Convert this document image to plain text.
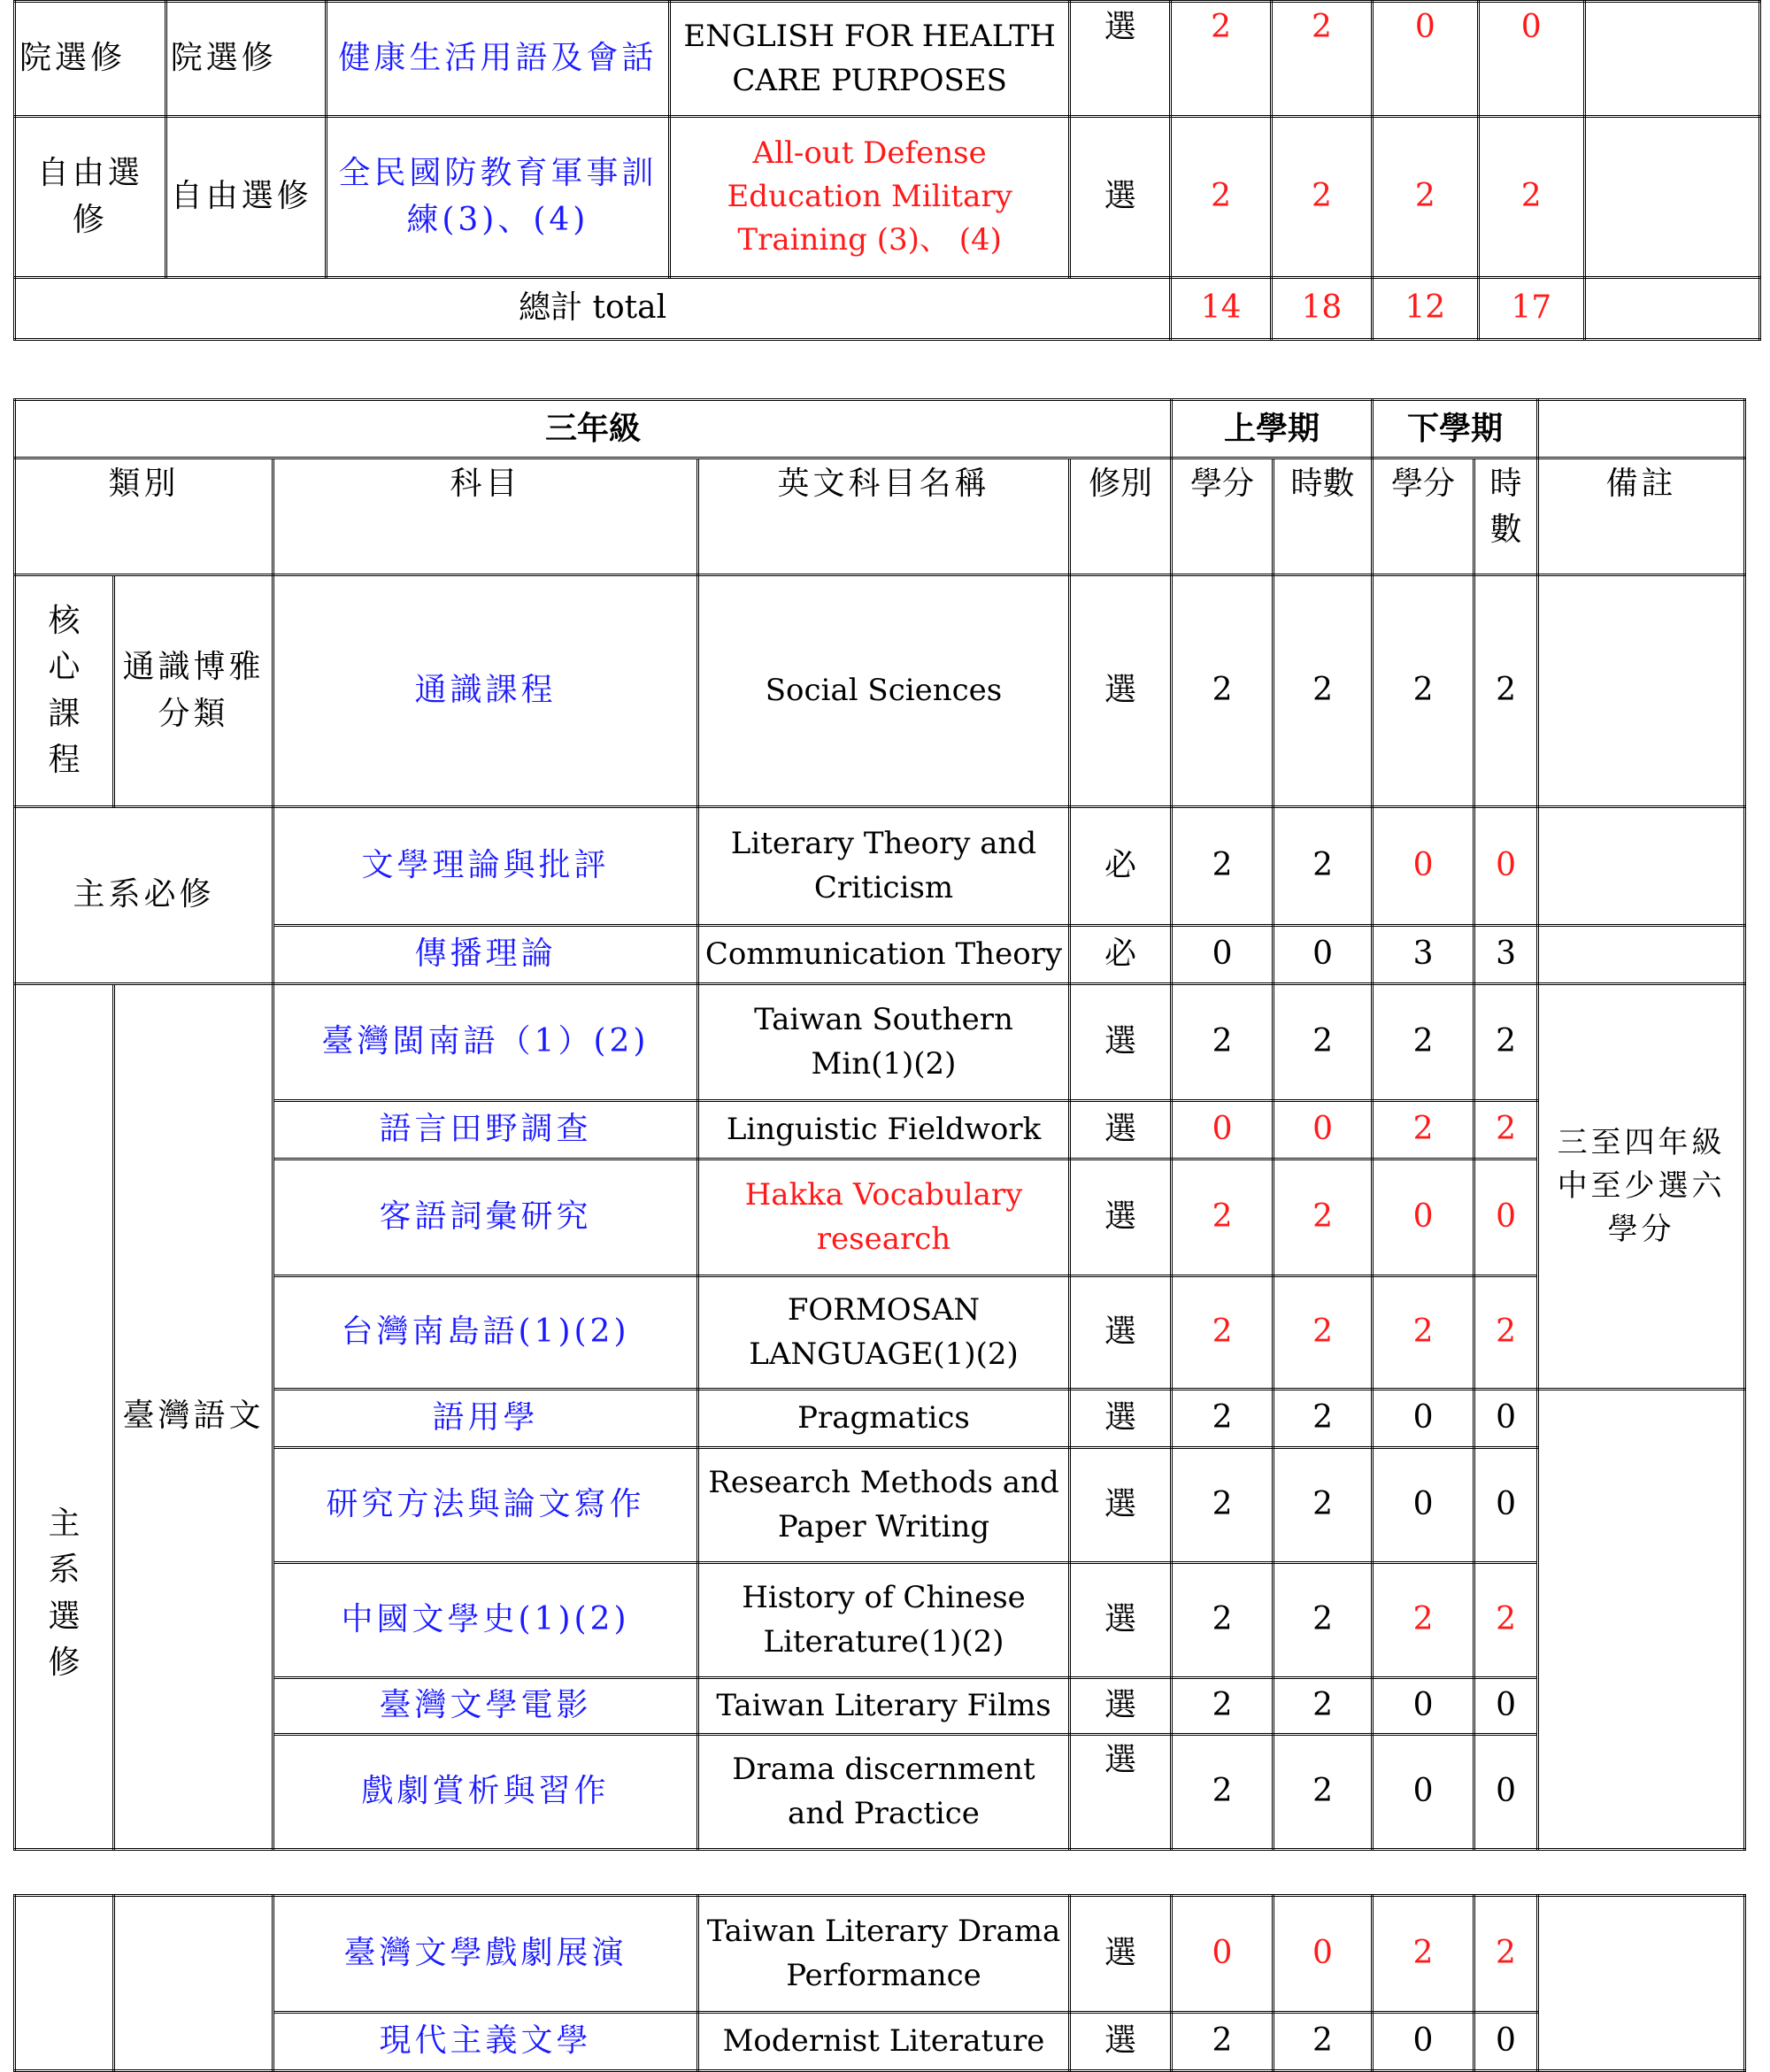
院選修	院選修	健康生活用語及會話	ENGLISH FOR HEALTH CARE PURPOSES	選	2	2	0	0	
自由選修	自由選修	全民國防教育軍事訓練(3)、(4)	All-out Defense Education Military Training (3)、 (4)	選	2	2	2	2	
總計 total					14	18	12	17	
三年級					上學期		下學期		
類別		科目	英文科目名稱	修別	學分	時數	學分	時數	備註
核心課程	通識博雅分類	通識課程	Social Sciences	選	2	2	2	2	
主系必修		文學理論與批評	Literary Theory and Criticism	必	2	2	0	0	
		傳播理論	Communication Theory	必	0	0	3	3	
主系選修	臺灣語文	臺灣閩南語（1）(2)	Taiwan Southern Min(1)(2)	選	2	2	2	2	三至四年級中至少選六學分
		語言田野調查	Linguistic Fieldwork	選	0	0	2	2	
		客語詞彙研究	Hakka Vocabulary research	選	2	2	0	0	
		台灣南島語(1)(2)	FORMOSAN LANGUAGE(1)(2)	選	2	2	2	2	
		語用學	Pragmatics	選	2	2	0	0	
		研究方法與論文寫作	Research Methods and Paper Writing	選	2	2	0	0	
		中國文學史(1)(2)	History of Chinese Literature(1)(2)	選	2	2	2	2	
		臺灣文學電影	Taiwan Literary Films	選	2	2	0	0	
		戲劇賞析與習作	Drama discernment and Practice	選	2	2	0	0	
		臺灣文學戲劇展演	Taiwan Literary Drama Performance	選	0	0	2	2	
		現代主義文學	Modernist Literature	選	2	2	0	0	
